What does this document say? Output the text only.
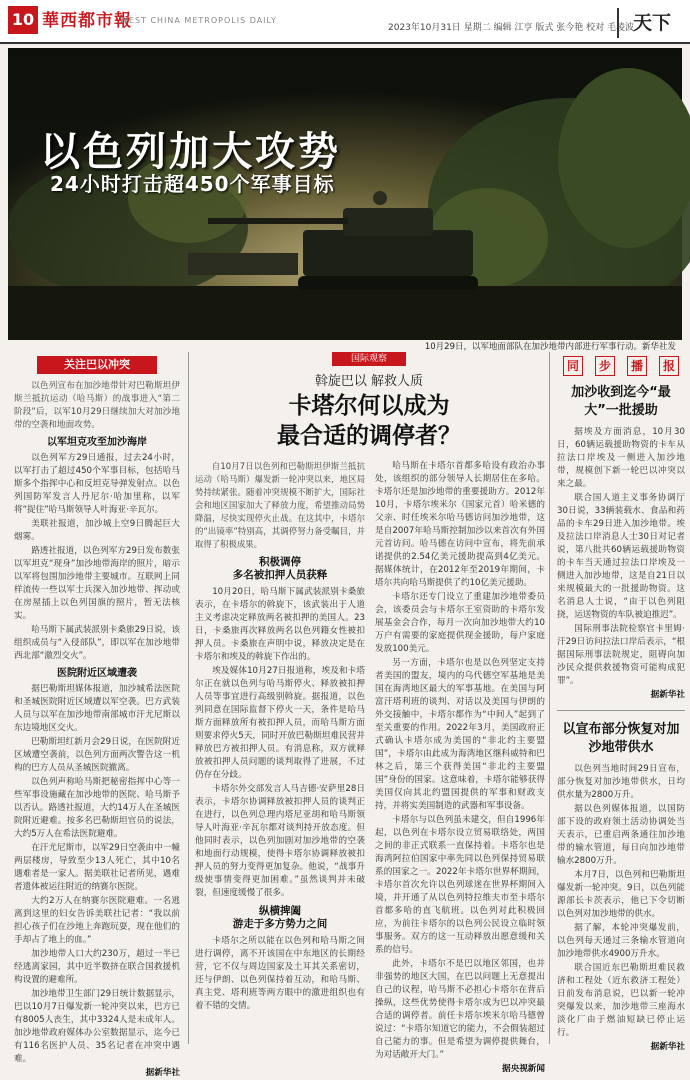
10 華西都市報
WEST CHINA METROPOLIS DAILY
2023年10月31日 星期二 编辑 江亨 版式 张今艳 校对 毛凌波 天下
以色列加大攻势
24小时打击超450个军事目标
10月29日，以军地面部队在加沙地带内部进行军事行动。新华社发
关注巴以冲突

以色列宣布在加沙地带针对巴勒斯坦伊斯兰抵抗运动（哈马斯）的战事进入“第二阶段”后，以军10月29日继续加大对加沙地带的空袭和地面攻势。

以军坦克攻至加沙海岸

以色列军方29日通报，过去24小时，以军打击了超过450个军事目标，包括哈马斯多个指挥中心和反坦克导弹发射点。以色列国防军发言人丹尼尔·哈加里称，以军将“捉住”哈马斯领导人叶海亚·辛瓦尔。

美联社报道，加沙城上空9日腾起巨大烟雾。

路透社报道，以色列军方29日发布数张以军坦克“现身”加沙地带海岸的照片，暗示以军将包围加沙地带主要城市。互联网上同样流传一些以军士兵深入加沙地带、挥动或在房屋插上以色列国旗的照片，暂无法核实。

哈马斯下属武装派别卡桑旅29日说，该组织成员与“入侵部队”，即以军在加沙地带西北部“激烈交火”。

医院附近区域遭袭

据巴勒斯坦媒体报道，加沙城希法医院和圣城医院附近区域遭以军空袭。巴方武装人员与以军在加沙地带南部城市汗尤尼斯以东边境地区交火。

巴勒斯坦红新月会29日说，在医院附近区域遭空袭前，以色列方面两次警告这一机构的巴方人员从圣城医院撤离。

以色列声称哈马斯把秘密指挥中心等一些军事设施藏在加沙地带的医院、哈马斯予以否认。路透社报道，大约14万人在圣城医院附近避难。按多名巴勒斯坦官员的说法，大约5万人在希法医院避难。

在汗尤尼斯市，以军29日空袭由中一幢两层楼房，导致至少13人死亡，其中10名遇难者是一家人。据美联社记者所见，遇难者遗体被运往附近的纳赛尔医院。

大约2万人在纳赛尔医院避难。一名逃离到这里的妇女告诉美联社记者：“我以前担心孩子们在沙地上奔跑玩耍，现在他们的手却占了地上的血。”

加沙地带人口大约230万，超过一半已经逃离家园，其中近半数挤在联合国救援机构设置的避难所。

加沙地带卫生部门29日统计数据显示，巴以10月7日爆发新一轮冲突以来，巴方已有8005人丧生，其中3324人是未成年人。加沙地带政府媒体办公室数据显示，迄今已有116名医护人员、35名记者在冲突中遇难。

据新华社
国际观察
斡旋巴以 解救人质
卡塔尔何以成为
最合适的调停者？

自10月7日以色列和巴勒斯坦伊斯兰抵抗运动（哈马斯）爆发新一轮冲突以来，地区局势持续紧张。随着冲突规模不断扩大，国际社会和地区国家加大了释放力度，希望推动局势降温，尽快实现停火止战。在这其中，卡塔尔的“出镜率”特别高，其调停努力备受瞩目，并取得了积极成果。

积极调停
多名被扣押人员获释

10月20日，哈马斯下属武装派别卡桑旅表示，在卡塔尔的斡旋下，该武装出于人道主义考虑决定释放两名被扣押的美国人。23日，卡桑旅再次释放两名以色列籍女性被扣押人员。卡桑旅在声明中说，释放决定是在卡塔尔和埃及的斡旋下作出的。

埃及媒体10月27日报道称，埃及和卡塔尔正在就以色列与哈马斯停火、释放被扣押人员等事宜进行高级别斡旋。据报道，以色列同意在国际监督下停火一天，条件是哈马斯方面释放所有被扣押人员，而哈马斯方面则要求停火5天，同时开放巴勒斯坦难民营并释放巴方被扣押人员。有消息称，双方就释放被扣押人员问题的谈判取得了进展，不过仍存在分歧。

卡塔尔外交部发言人马吉德·安萨里28日表示，卡塔尔协调释放被扣押人员的谈判正在进行，以色列总理内塔尼亚胡和哈马斯领导人叶海亚·辛瓦尔都对谈判持开放态度。但他同时表示，以色列加剧对加沙地带的空袭和地面行动规模，使得卡塔尔协调释放被扣押人员的努力变得更加复杂。他说，“战事升级使事情变得更加困难。”虽然谈判并未破裂，但速度缓慢了很多。

纵横捭阖
游走于多方势力之间

卡塔尔之所以能在以色列和哈马斯之间进行调停，离不开该国在中东地区的长期经营，它不仅与周边国家及土耳其关系密切，还与伊朗、以色列保持着互动，和哈马斯、真主党、塔利班等两方眼中的激进组织也有着不错的交情。

哈马斯在卡塔尔首都多哈设有政治办事处，该组织的部分领导人长期居住在多哈。卡塔尔还是加沙地带的重要援助方。2012年10月，卡塔尔埃米尔（国家元首）哈米德的父亲、时任埃米尔哈马德访问加沙地带，这是自2007年哈马斯控制加沙以来首次有外国元首访问。哈马德在访问中宣布，将先前承诺提供的2.54亿美元援助提高到4亿美元。据媒体统计，在2012年至2019年期间，卡塔尔共向哈马斯提供了约10亿美元援助。

卡塔尔还专门设立了重建加沙地带委员会，该委员会与卡塔尔王室资助的卡塔尔发展基金会合作，每月一次向加沙地带大约10万户有需要的家庭提供现金援助，每户家庭发放100美元。

另一方面，卡塔尔也是以色列坚定支持者美国的盟友，境内的乌代德空军基地是美国在海湾地区最大的军事基地。在美国与阿富汗塔利班的谈判、对话以及美国与伊朗的外交接触中，卡塔尔都作为“中间人”起到了至关重要的作用。2022年3月，美国政府正式确认卡塔尔成为美国的“非北约主要盟国”，卡塔尔由此成为海湾地区继科威特和巴林之后，第三个获得美国“非北约主要盟国”身份的国家。这意味着，卡塔尔能够获得美国仅向其北约盟国提供的军事和财政支持，并将实美国制造的武器和军事设备。

卡塔尔与以色列虽未建交，但自1996年起，以色列在卡塔尔设立贸易联络处，两国之间的非正式联系一直保持着。卡塔尔也是海湾阿拉伯国家中率先同以色列保持贸易联系的国家之一。2022年卡塔尔世界杯期间，卡塔尔首次允许以色列球迷在世界杯期间入境，并开通了从以色列特拉维夫市至卡塔尔首都多哈的直飞航班。以色列对此积极回应，为前往卡塔尔的以色列公民设立临时领事服务。双方的这一互动释放出愿意缓和关系的信号。

此外，卡塔尔不是巴以地区邻国，也并非强势的地区大国，在巴以问题上无意提出自己的议程，哈马斯不必担心卡塔尔在背后操纵，这些优势使得卡塔尔成为巴以冲突最合适的调停者。前任卡塔尔埃米尔哈马德曾说过：“卡塔尔知道它的能力，不会假装超过自己能力的事。但是希望为调停提供舞台，为对话敞开大门。”

据央视新闻
同	步	播	报
加沙收到迄今“最大”一批援助

据埃及方面消息，10月30日，60辆运载援助物资的卡车从拉法口岸埃及一侧进入加沙地带，规模创下新一轮巴以冲突以来之最。

联合国人道主义事务协调厅30日说，33辆装载水、食品和药品的卡车29日进入加沙地带。埃及拉法口岸消息人士30日对记者说，第八批共60辆运载援助物资的卡车当天通过拉法口岸埃及一侧进入加沙地带，这是自21日以来规模最大的一批援助物资。这名消息人士说，“由于以色列阻挠，运送物资的车队被迫推迟”。

国际刑事法院检察官卡里姆·汗29日访问拉法口岸后表示，“根据国际刑事法院规定，阻碍向加沙民众提供救援物资可能构成犯罪”。

据新华社
以宣布部分恢复对加沙地带供水

以色列当地时间29日宣布，部分恢复对加沙地带供水，日均供水量为2800万升。

据以色列媒体报道，以国防部下设的政府领土活动协调处当天表示，已重启两条通往加沙地带的输水管道，每日向加沙地带输水2800万升。

本月7日，以色列和巴勒斯坦爆发新一轮冲突。9日，以色列能源部长卡茨表示，他已下令切断以色列对加沙地带的供水。

据了解，本轮冲突爆发前，以色列每天通过三条输水管道向加沙地带供水4900万升水。

联合国近东巴勒斯坦难民救济和工程处（近东救济工程处）日前发布消息说，巴以新一轮冲突爆发以来，加沙地带三座海水淡化厂由于燃油短缺已停止运行。

据新华社
